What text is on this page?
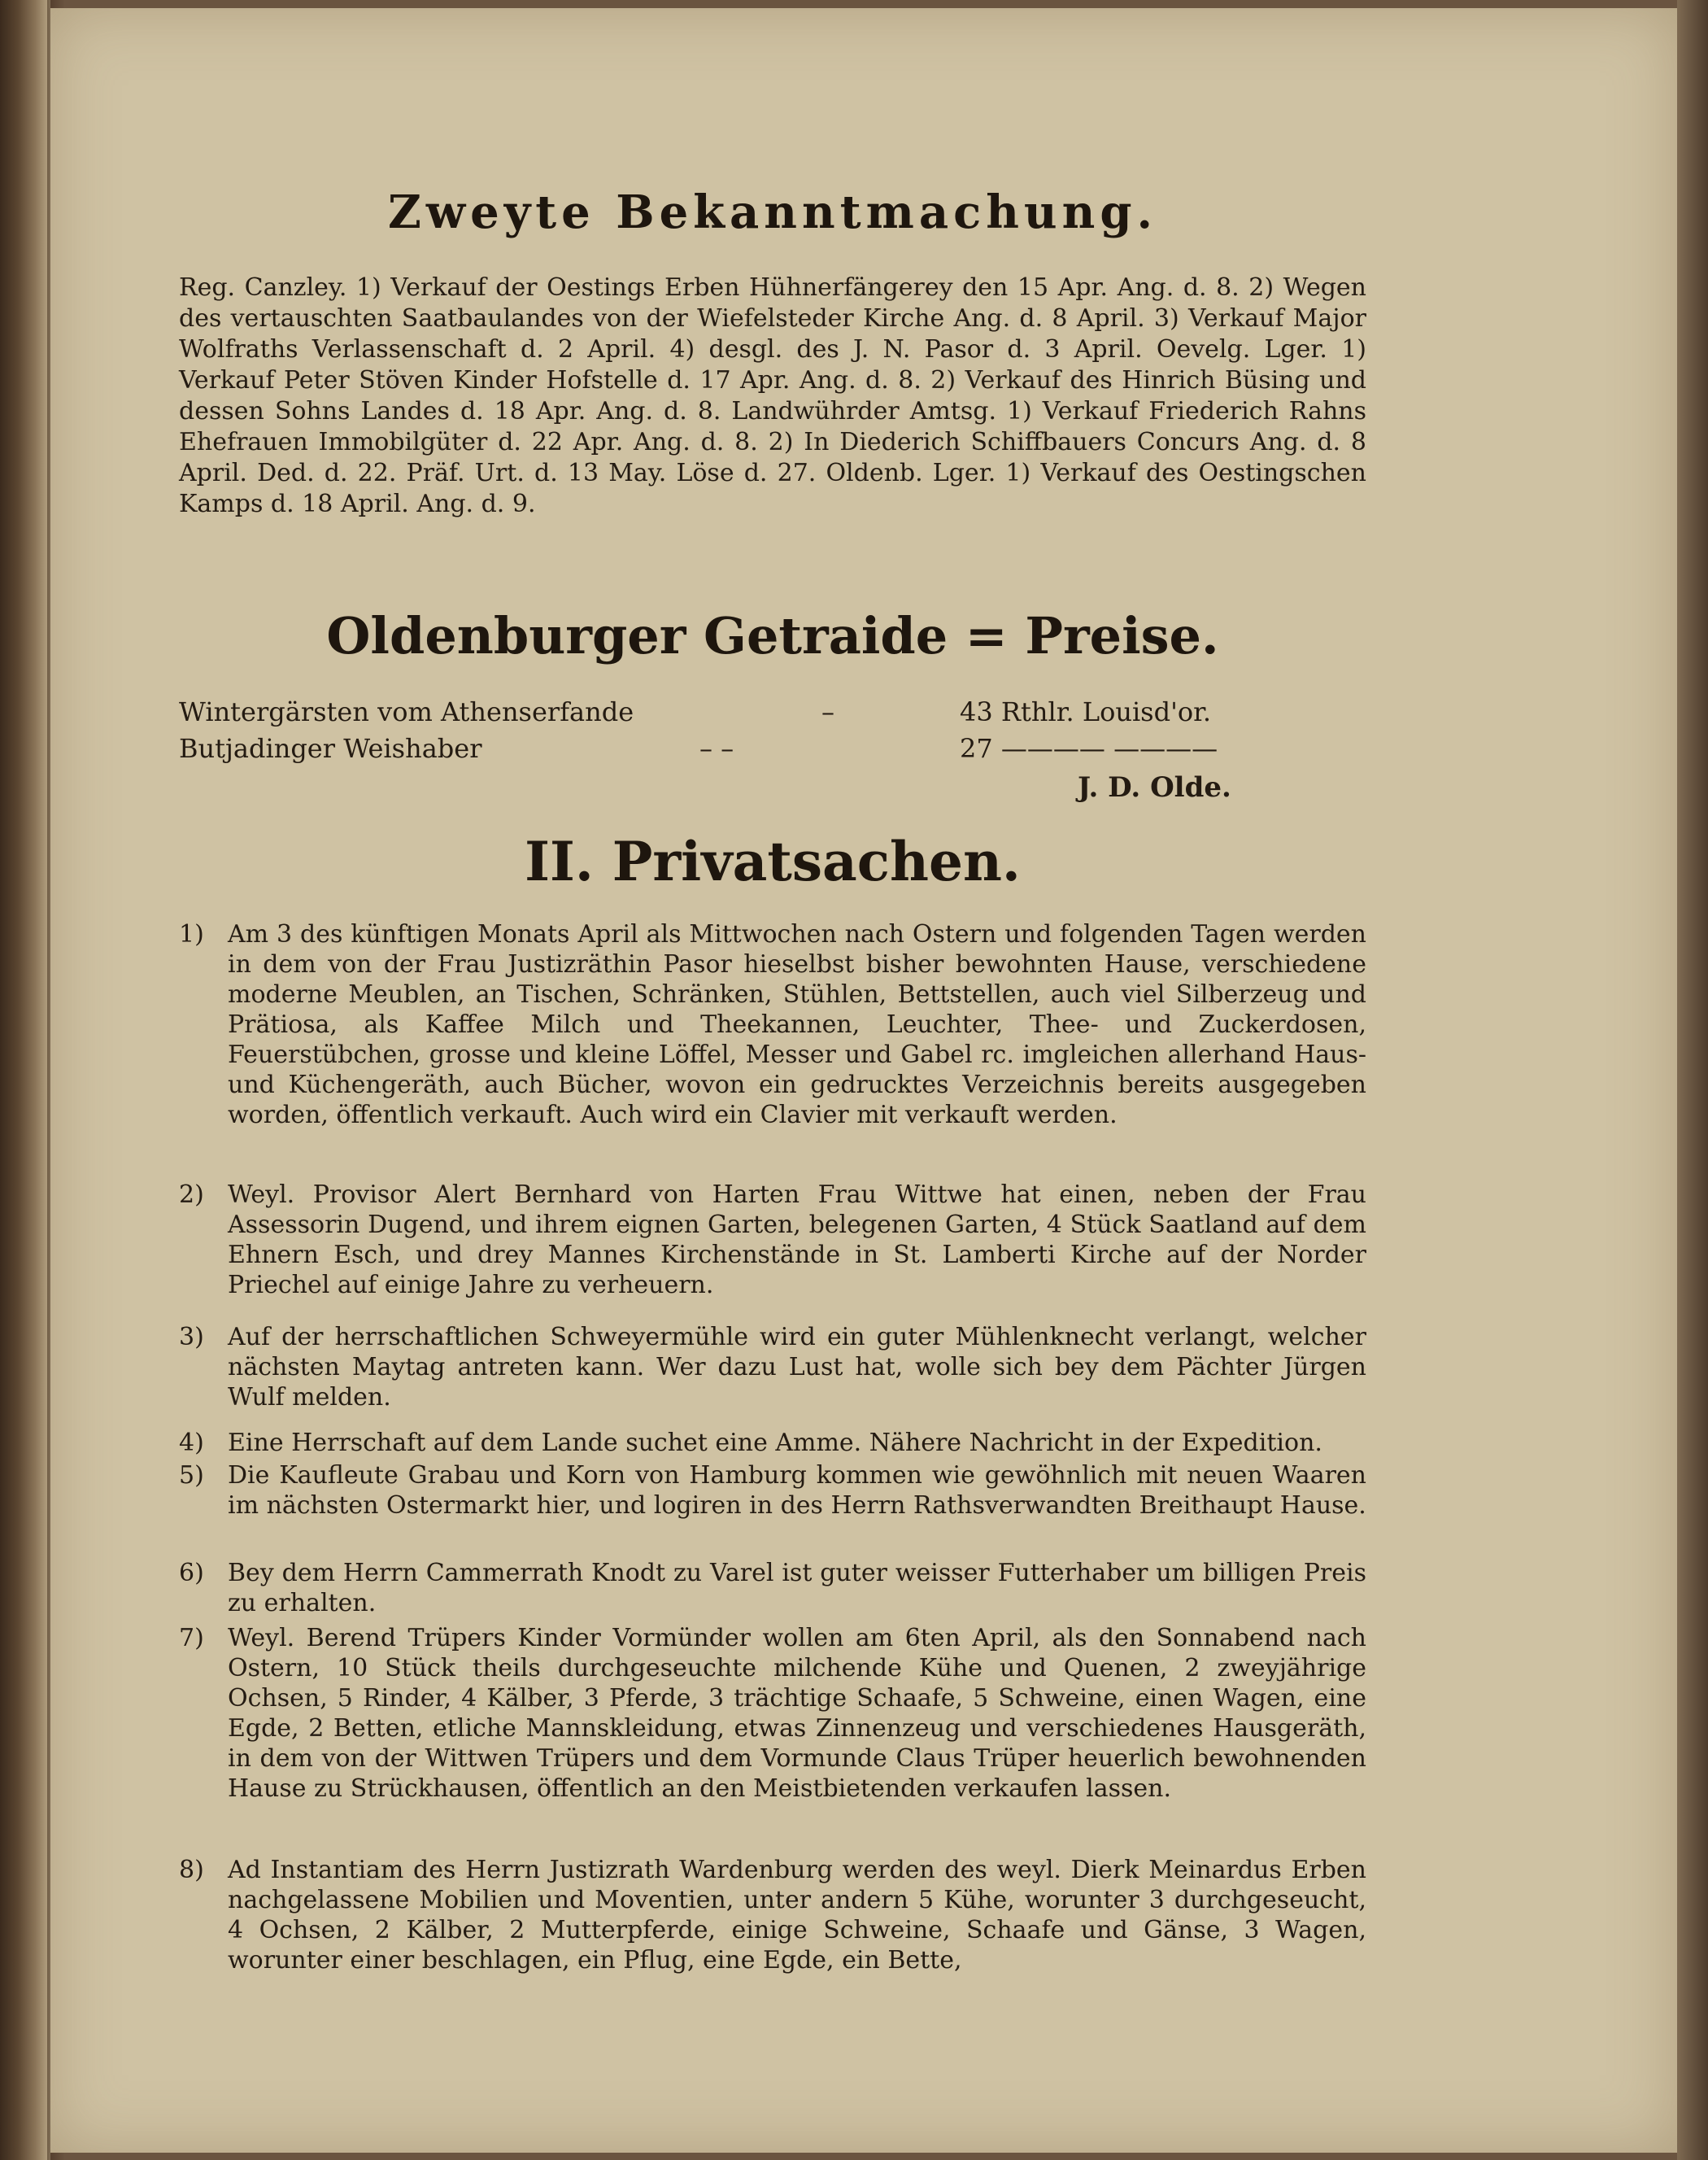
Zweyte Bekanntmachung.
Reg. Canzley. 1) Verkauf der Oestings Erben Hühnerfängerey den 15 Apr. Ang. d. 8. 2) Wegen des vertauschten Saatbaulandes von der Wiefelsteder Kirche Ang. d. 8 April. 3) Verkauf Major Wolfraths Verlassenschaft d. 2 April. 4) desgl. des J. N. Pasor d. 3 April. Oevelg. Lger. 1) Verkauf Peter Stöven Kinder Hofstelle d. 17 Apr. Ang. d. 8. 2) Verkauf des Hinrich Büsing und dessen Sohns Landes d. 18 Apr. Ang. d. 8. Landwührder Amtsg. 1) Verkauf Friederich Rahns Ehefrauen Immobilgüter d. 22 Apr. Ang. d. 8. 2) In Diederich Schiffbauers Concurs Ang. d. 8 April. Ded. d. 22. Präf. Urt. d. 13 May. Löse d. 27. Oldenb. Lger. 1) Verkauf des Oestingschen Kamps d. 18 April. Ang. d. 9.
Oldenburger Getraide = Preise.
Wintergärsten vom Athenserfande	–	43 Rthlr. Louisd'or.
Butjadinger Weishaber	– –	27 ———— ————
J. D. Olde.
II. Privatsachen.
1) Am 3 des künftigen Monats April als Mittwochen nach Ostern und folgenden Tagen werden in dem von der Frau Justizräthin Pasor hieselbst bisher bewohnten Hause, verschiedene moderne Meublen, an Tischen, Schränken, Stühlen, Bettstellen, auch viel Silberzeug und Prätiosa, als Kaffee Milch und Theekannen, Leuchter, Thee- und Zuckerdosen, Feuerstübchen, grosse und kleine Löffel, Messer und Gabel rc. imgleichen allerhand Haus- und Küchengeräth, auch Bücher, wovon ein gedrucktes Verzeichnis bereits ausgegeben worden, öffentlich verkauft. Auch wird ein Clavier mit verkauft werden.
2) Weyl. Provisor Alert Bernhard von Harten Frau Wittwe hat einen, neben der Frau Assessorin Dugend, und ihrem eignen Garten, belegenen Garten, 4 Stück Saatland auf dem Ehnern Esch, und drey Mannes Kirchenstände in St. Lamberti Kirche auf der Norder Priechel auf einige Jahre zu verheuern.
3) Auf der herrschaftlichen Schweyermühle wird ein guter Mühlenknecht verlangt, welcher nächsten Maytag antreten kann. Wer dazu Lust hat, wolle sich bey dem Pächter Jürgen Wulf melden.
4) Eine Herrschaft auf dem Lande suchet eine Amme. Nähere Nachricht in der Expedition.
5) Die Kaufleute Grabau und Korn von Hamburg kommen wie gewöhnlich mit neuen Waaren im nächsten Ostermarkt hier, und logiren in des Herrn Rathsverwandten Breithaupt Hause.
6) Bey dem Herrn Cammerrath Knodt zu Varel ist guter weisser Futterhaber um billigen Preis zu erhalten.
7) Weyl. Berend Trüpers Kinder Vormünder wollen am 6ten April, als den Sonnabend nach Ostern, 10 Stück theils durchgeseuchte milchende Kühe und Quenen, 2 zweyjährige Ochsen, 5 Rinder, 4 Kälber, 3 Pferde, 3 trächtige Schaafe, 5 Schweine, einen Wagen, eine Egde, 2 Betten, etliche Mannskleidung, etwas Zinnenzeug und verschiedenes Hausgeräth, in dem von der Wittwen Trüpers und dem Vormunde Claus Trüper heuerlich bewohnenden Hause zu Strückhausen, öffentlich an den Meistbietenden verkaufen lassen.
8) Ad Instantiam des Herrn Justizrath Wardenburg werden des weyl. Dierk Meinardus Erben nachgelassene Mobilien und Moventien, unter andern 5 Kühe, worunter 3 durchgeseucht, 4 Ochsen, 2 Kälber, 2 Mutterpferde, einige Schweine, Schaafe und Gänse, 3 Wagen, worunter einer beschlagen, ein Pflug, eine Egde, ein Bette,
